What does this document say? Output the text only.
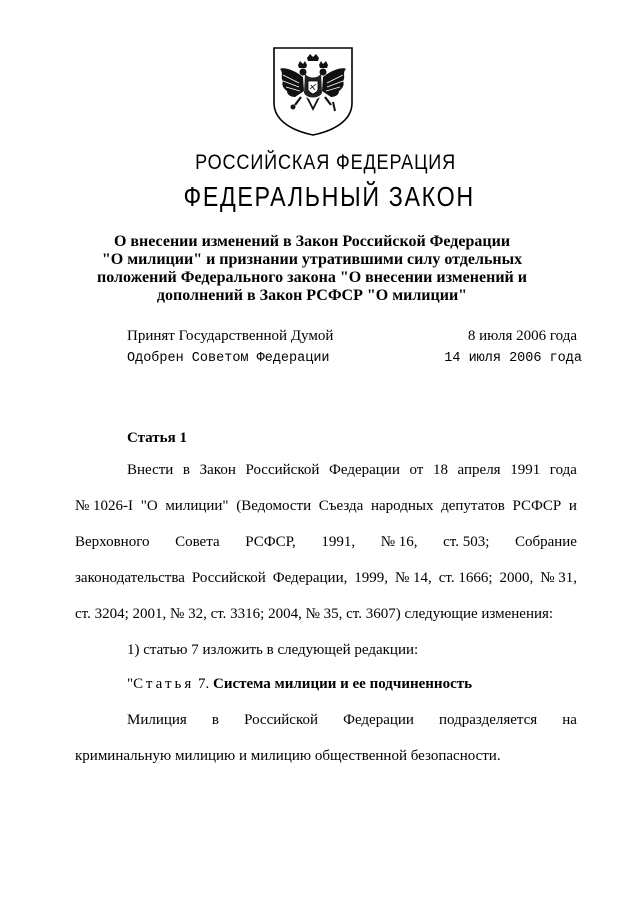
РОССИЙСКАЯ ФЕДЕРАЦИЯ
ФЕДЕРАЛЬНЫЙ ЗАКОН
О внесении изменений в Закон Российской Федерации
"О милиции" и признании утратившими силу отдельных
положений Федерального закона "О внесении изменений и
дополнений в Закон РСФСР "О милиции"
Принят Государственной Думой	8 июля 2006 года
Одобрен Советом Федерации	14 июля 2006 года
Статья 1
Внести в Закон Российской Федерации от 18 апреля 1991 года
№ 1026-I "О милиции" (Ведомости Съезда народных депутатов РСФСР и
Верховного Совета РСФСР, 1991, № 16, ст. 503; Собрание
законодательства Российской Федерации, 1999, № 14, ст. 1666; 2000, № 31,
ст. 3204; 2001, № 32, ст. 3316; 2004, № 35, ст. 3607) следующие изменения:
1) статью 7 изложить в следующей редакции:
"Статья 7. Система милиции и ее подчиненность
Милиция в Российской Федерации подразделяется на
криминальную милицию и милицию общественной безопасности.
